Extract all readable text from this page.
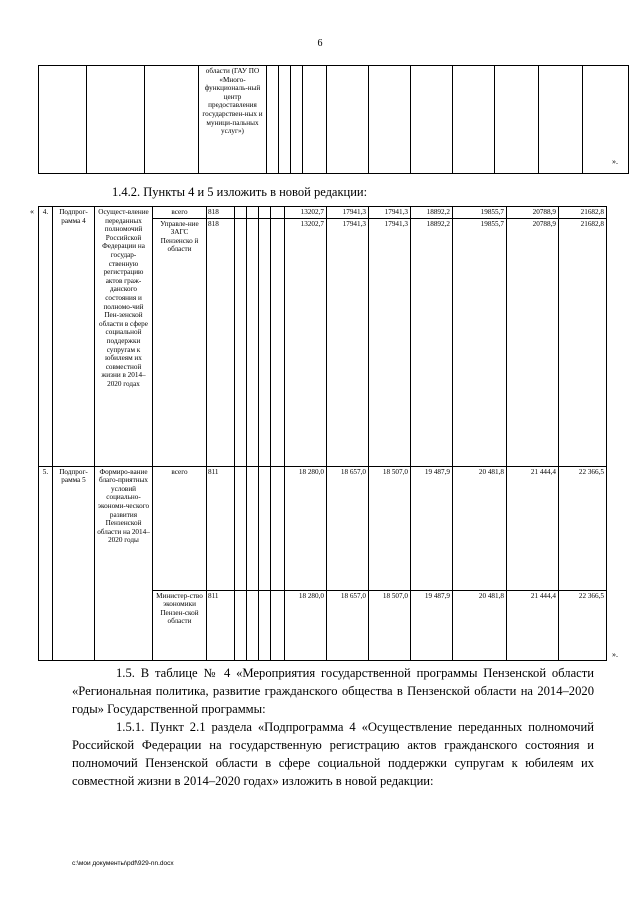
6
			области (ГАУ ПО «Много-функциональ-ный центр предоставления государствен-ных и муници-пальных услуг»)											
».
1.4.2. Пункты 4 и 5 изложить в новой редакции:
« 4.	Подпрог-рамма 4	Осущест-вление переданных полномочий Российской Федерации на государ-ственную регистрацию актов граж-данского состояния и полномо-чий Пен-зенской области в сфере социальной поддержки супругам к юбилеям их совместной жизни в 2014–2020 годах	всего	818					13202,7	17941,3	17941,3	18892,2	19855,7	20788,9	21682,8
			Управле-ние ЗАГС Пензенско й области	818					13202,7	17941,3	17941,3	18892,2	19855,7	20788,9	21682,8
5.	Подпрог-рамма 5	Формиро-вание благо-приятных условий социально-экономи-ческого развития Пензенской области на 2014–2020 годы	всего	811					18 280,0	18 657,0	18 507,0	19 487,9	20 481,8	21 444,4	22 366,5
			Министер-ство экономики Пензен-ской области	811					18 280,0	18 657,0	18 507,0	19 487,9	20 481,8	21 444,4	22 366,5
».

1.5. В таблице № 4 «Мероприятия государственной программы Пензенской области «Региональная политика, развитие гражданского общества в Пензенской области на 2014–2020 годы» Государственной программы:

1.5.1. Пункт 2.1 раздела «Подпрограмма 4 «Осуществление переданных полномочий Российской Федерации на государственную регистрацию актов гражданского состояния и полномочий Пензенской области в сфере социальной поддержки супругам к юбилеям их совместной жизни в 2014–2020 годах» изложить в новой редакции:

c:\мои документы\pdf\929-nn.docx
